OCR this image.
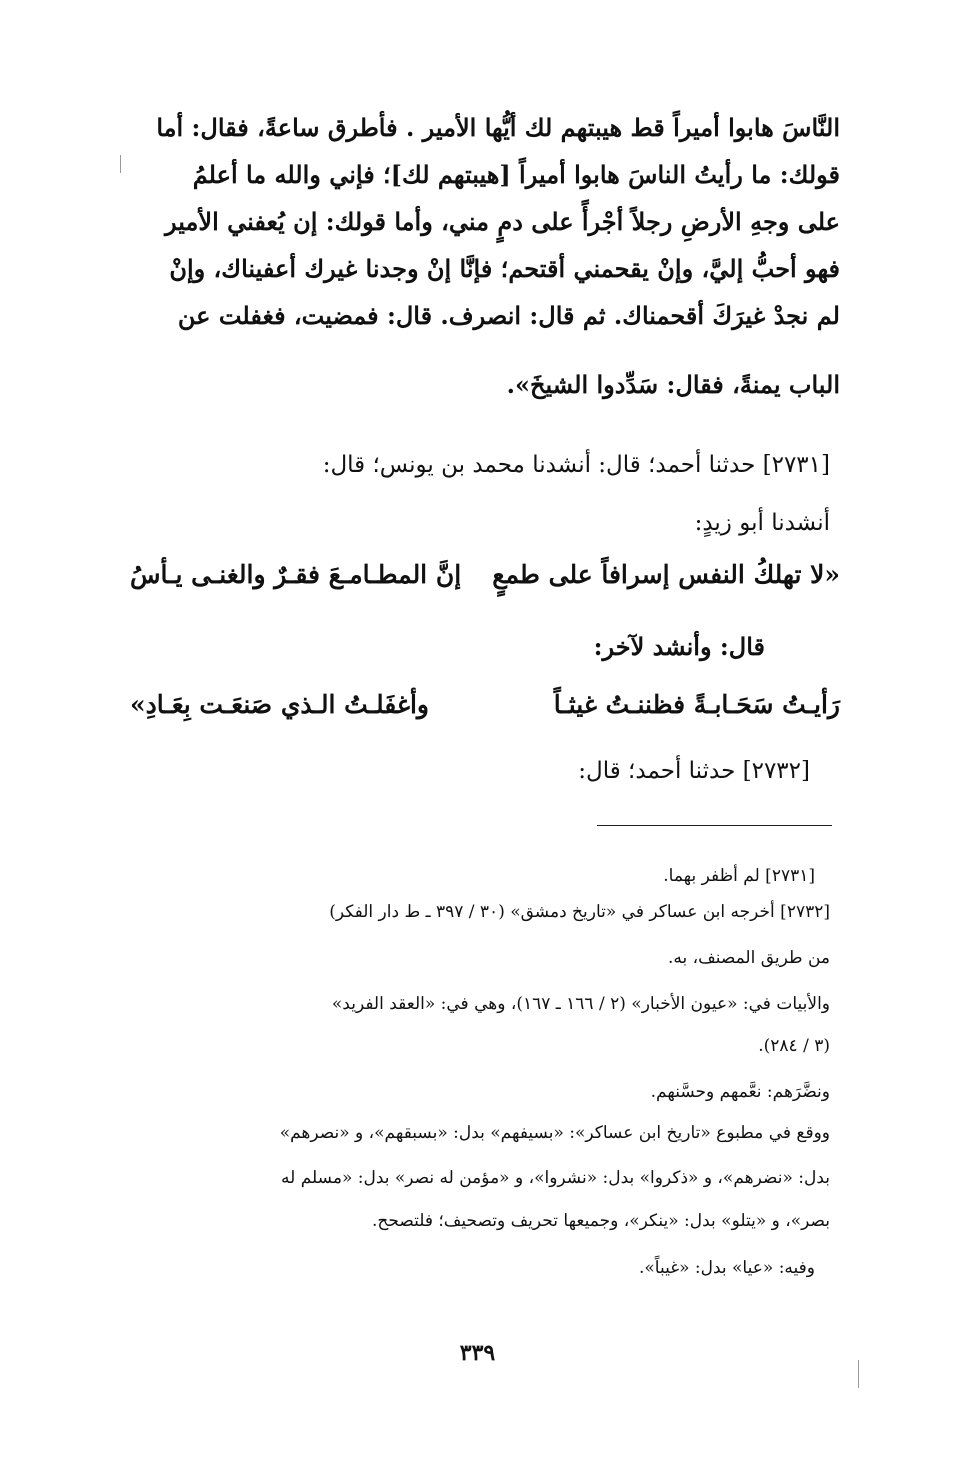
النَّاسَ هابوا أميراً قط هيبتهم لك أيُّها الأمير . فأطرق ساعةً، فقال: أما
قولك: ما رأيتُ الناسَ هابوا أميراً [هيبتهم لك]؛ فإني والله ما أعلمُ
على وجهِ الأرضِ رجلاً أجْرأً على دمٍ مني، وأما قولك: إن يُعفني الأمير
فهو أحبُّ إليَّ، وإنْ يقحمني أقتحم؛ فإنَّا إنْ وجدنا غيرك أعفيناك، وإنْ
لم نجدْ غيرَكَ أقحمناك. ثم قال: انصرف. قال: فمضيت، فغفلت عن
الباب يمنةً، فقال: سَدِّدوا الشيخَ».
[٢٧٣١] حدثنا أحمد؛ قال: أنشدنا محمد بن يونس؛ قال:
أنشدنا أبو زيدٍ:
«لا تهلكُ النفس إسرافاً على طمعٍ
إنَّ المطـامـعَ فقـرٌ والغنـى يـأسُ
قال: وأنشد لآخر:
رَأيـتُ سَحَـابـةً فظننـتُ غيثـاً
وأغفَلـتُ الـذي صَنعَـت بِعَـادِ»
[٢٧٣٢] حدثنا أحمد؛ قال:
[٢٧٣١] لم أظفر بهما.
[٢٧٣٢] أخرجه ابن عساكر في «تاريخ دمشق» (٣٠ / ٣٩٧ ـ ط دار الفكر)
من طريق المصنف، به.
والأبيات في: «عيون الأخبار» (٢ / ١٦٦ ـ ١٦٧)، وهي في: «العقد الفريد»
(٣ / ٢٨٤).
ونضَّرَهم: نعَّمهم وحسَّنهم.
ووقع في مطبوع «تاريخ ابن عساكر»: «بسيفهم» بدل: «بسبقهم»، و «نصرهم»
بدل: «نضرهم»، و «ذكروا» بدل: «نشروا»، و «مؤمن له نصر» بدل: «مسلم له
بصر»، و «يتلو» بدل: «ينكر»، وجميعها تحريف وتصحيف؛ فلتصحح.
وفيه: «عيا» بدل: «غيباً».
٣٣٩
